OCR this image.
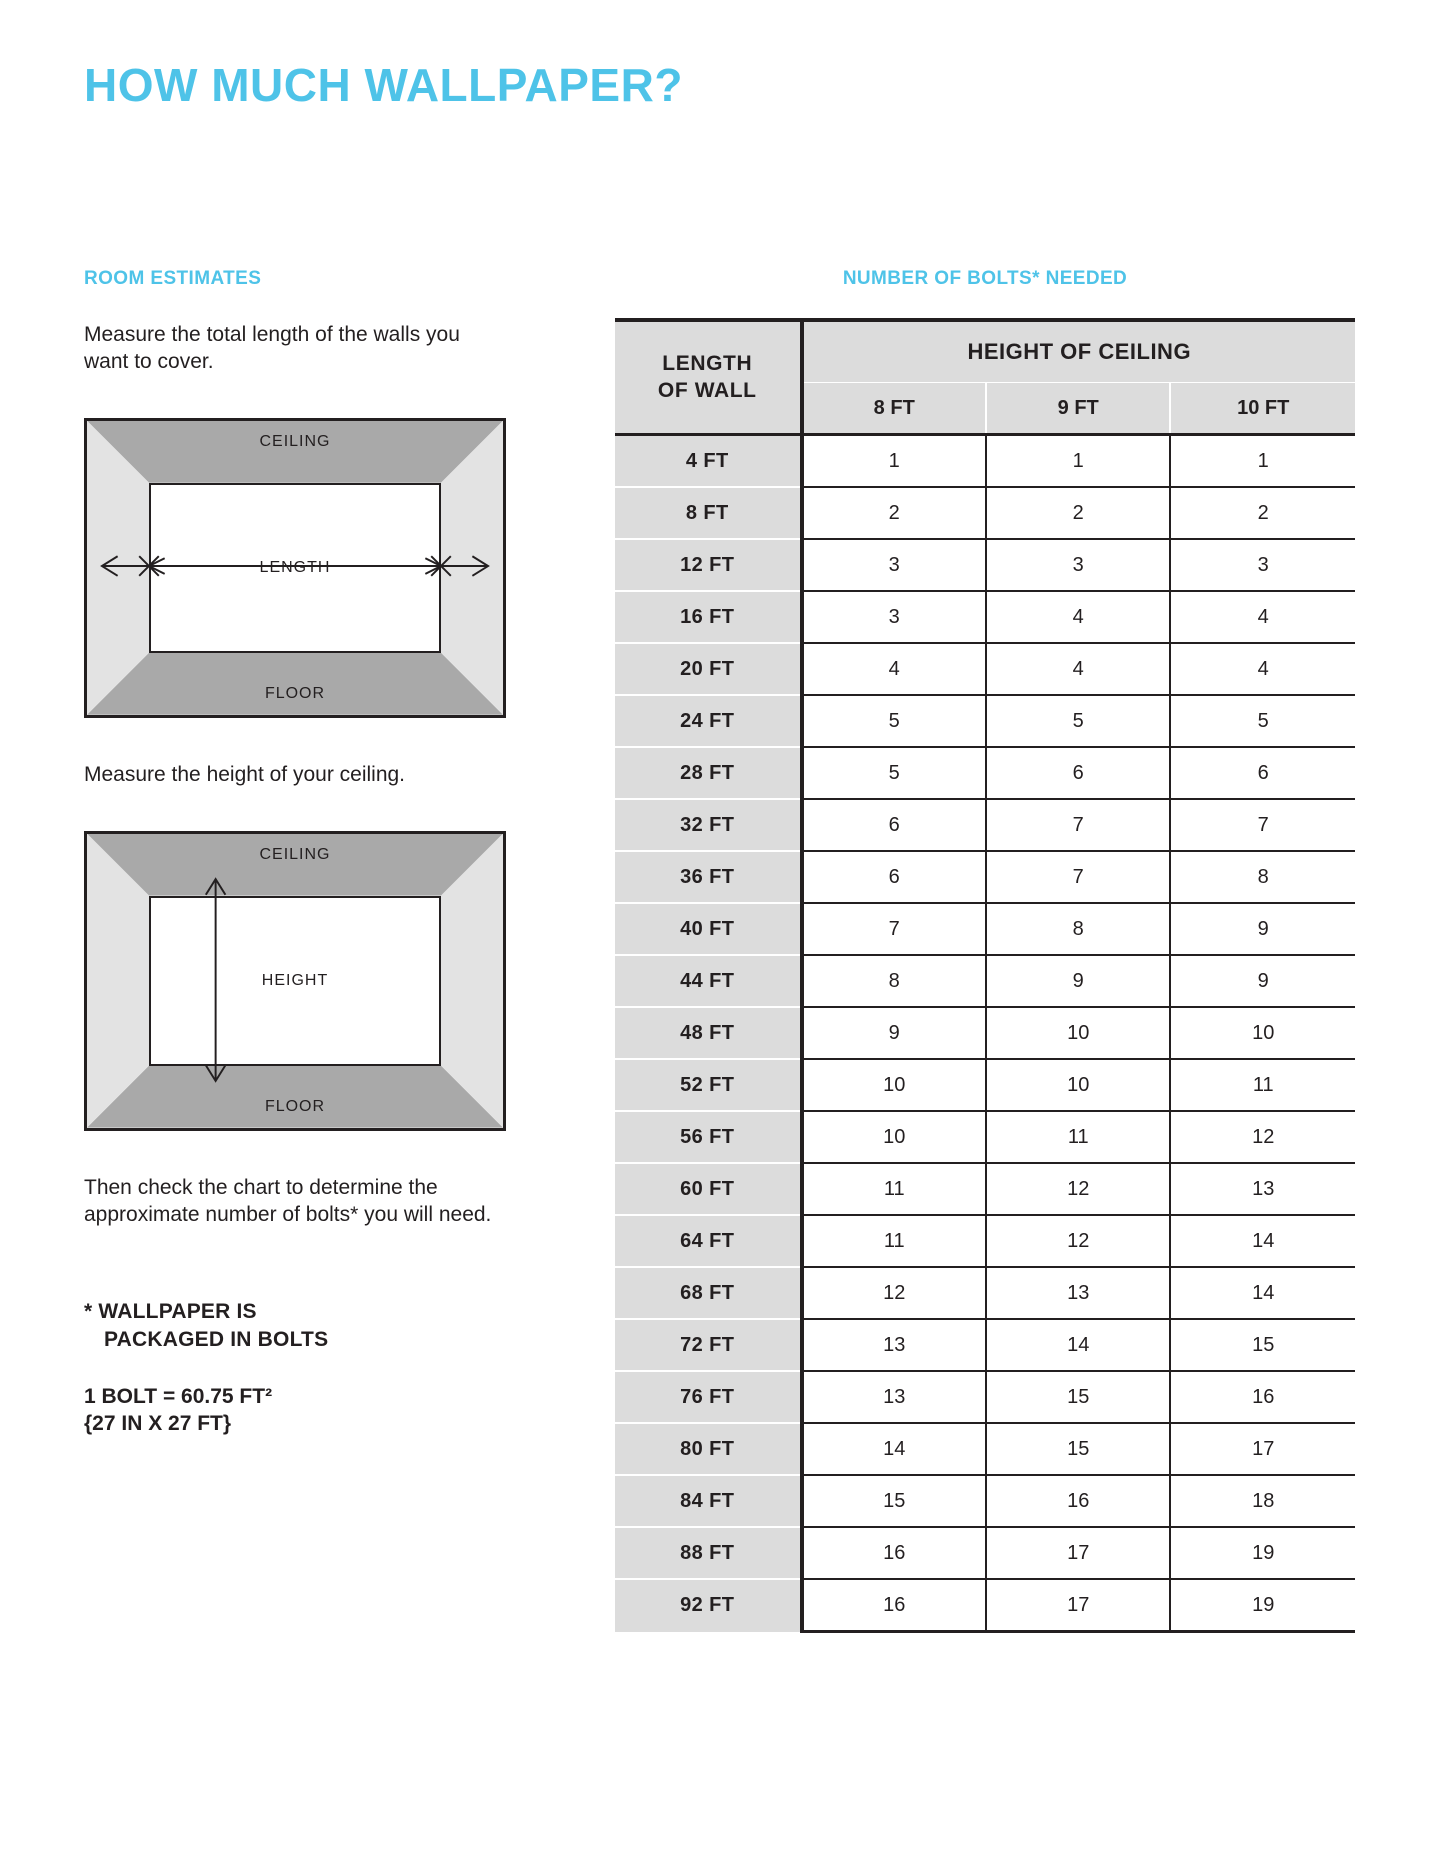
HOW MUCH WALLPAPER?
ROOM ESTIMATES

Measure the total length of the walls you want to cover.

CEILING
FLOOR
LENGTH

Measure the height of your ceiling.

CEILING
FLOOR
HEIGHT

Then check the chart to determine the approximate number of bolts* you will need.

* WALLPAPER IS
PACKAGED IN BOLTS
1 BOLT = 60.75 FT²
{27 IN X 27 FT}
NUMBER OF BOLTS* NEEDED
LENGTH
OF WALL	HEIGHT OF CEILING		
	8 FT	9 FT	10 FT
4 FT	1	1	1
8 FT	2	2	2
12 FT	3	3	3
16 FT	3	4	4
20 FT	4	4	4
24 FT	5	5	5
28 FT	5	6	6
32 FT	6	7	7
36 FT	6	7	8
40 FT	7	8	9
44 FT	8	9	9
48 FT	9	10	10
52 FT	10	10	11
56 FT	10	11	12
60 FT	11	12	13
64 FT	11	12	14
68 FT	12	13	14
72 FT	13	14	15
76 FT	13	15	16
80 FT	14	15	17
84 FT	15	16	18
88 FT	16	17	19
92 FT	16	17	19
